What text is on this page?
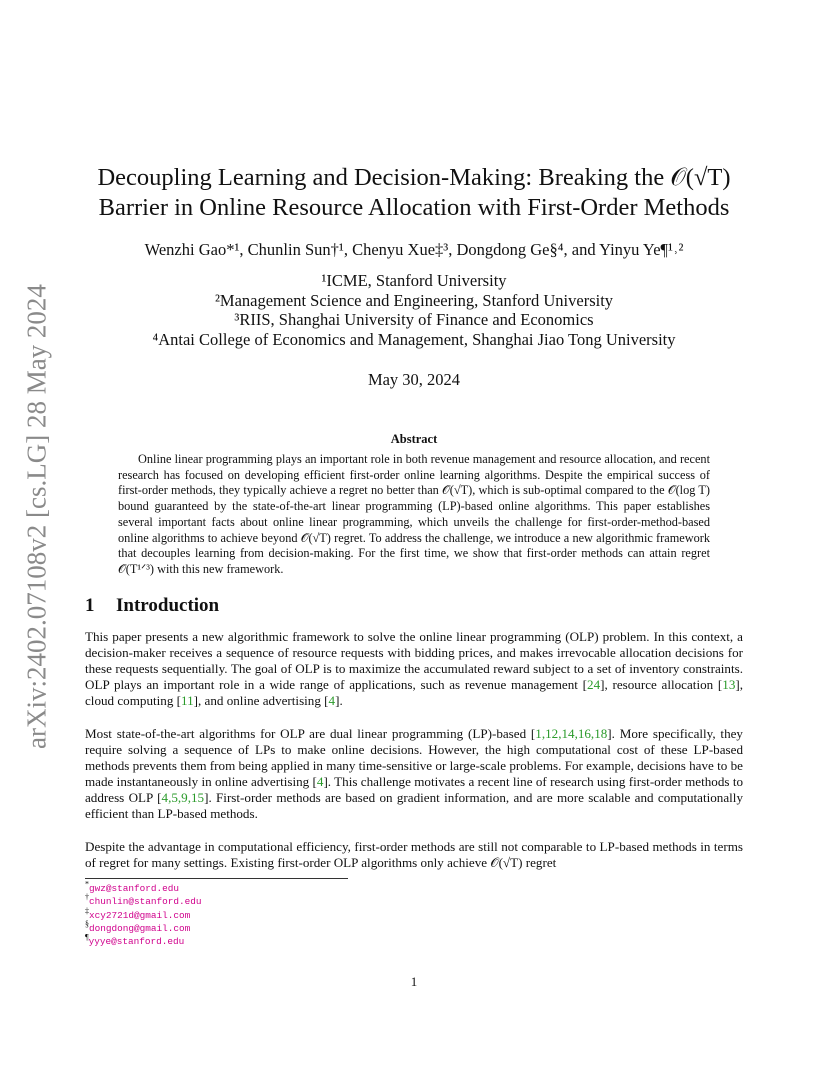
arXiv:2402.07108v2 [cs.LG] 28 May 2024
Decoupling Learning and Decision-Making: Breaking the 𝒪(√T)
Barrier in Online Resource Allocation with First-Order Methods
Wenzhi Gao*¹, Chunlin Sun†¹, Chenyu Xue‡³, Dongdong Ge§⁴, and Yinyu Ye¶¹˒²
¹ICME, Stanford University
²Management Science and Engineering, Stanford University
³RIIS, Shanghai University of Finance and Economics
⁴Antai College of Economics and Management, Shanghai Jiao Tong University
May 30, 2024
Abstract
Online linear programming plays an important role in both revenue management and resource allocation, and recent research has focused on developing efficient first-order online learning algorithms. Despite the empirical success of first-order methods, they typically achieve a regret no better than 𝒪(√T), which is sub-optimal compared to the 𝒪(log T) bound guaranteed by the state-of-the-art linear programming (LP)-based online algorithms. This paper establishes several important facts about online linear programming, which unveils the challenge for first-order-method-based online algorithms to achieve beyond 𝒪(√T) regret. To address the challenge, we introduce a new algorithmic framework that decouples learning from decision-making. For the first time, we show that first-order methods can attain regret 𝒪(T¹ᐟ³) with this new framework.
1 Introduction
This paper presents a new algorithmic framework to solve the online linear programming (OLP) problem. In this context, a decision-maker receives a sequence of resource requests with bidding prices, and makes irrevocable allocation decisions for these requests sequentially. The goal of OLP is to maximize the accumulated reward subject to a set of inventory constraints. OLP plays an important role in a wide range of applications, such as revenue management [24], resource allocation [13], cloud computing [11], and online advertising [4].
Most state-of-the-art algorithms for OLP are dual linear programming (LP)-based [1,12,14,16,18]. More specifically, they require solving a sequence of LPs to make online decisions. However, the high computational cost of these LP-based methods prevents them from being applied in many time-sensitive or large-scale problems. For example, decisions have to be made instantaneously in online advertising [4]. This challenge motivates a recent line of research using first-order methods to address OLP [4,5,9,15]. First-order methods are based on gradient information, and are more scalable and computationally efficient than LP-based methods.
Despite the advantage in computational efficiency, first-order methods are still not comparable to LP-based methods in terms of regret for many settings. Existing first-order OLP algorithms only achieve 𝒪(√T) regret
*gwz@stanford.edu
†chunlin@stanford.edu
‡xcy2721d@gmail.com
§dongdong@gmail.com
¶yyye@stanford.edu
1
